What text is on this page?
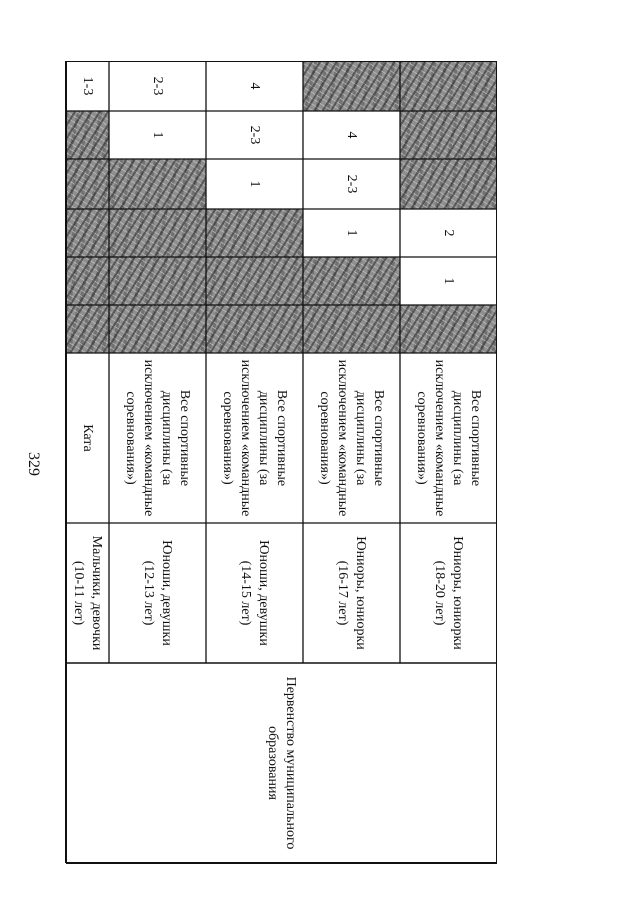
329
1
2
Все спортивные дисциплины (за исключением «командные соревнования»)
Юниоры, юниорки (18-20 лет)
1
2-3
4
Все спортивные дисциплины (за исключением «командные соревнования»)
Юниоры, юниорки (16-17 лет)
1
2-3
4
Все спортивные дисциплины (за исключением «командные соревнования»)
Юноши, девушки (14-15 лет)
1
2-3
Все спортивные дисциплины (за исключением «командные соревнования»)
Юноши, девушки (12-13 лет)
1-3
Ката
Мальчики, девочки (10-11 лет)
Первенство муниципального образования
